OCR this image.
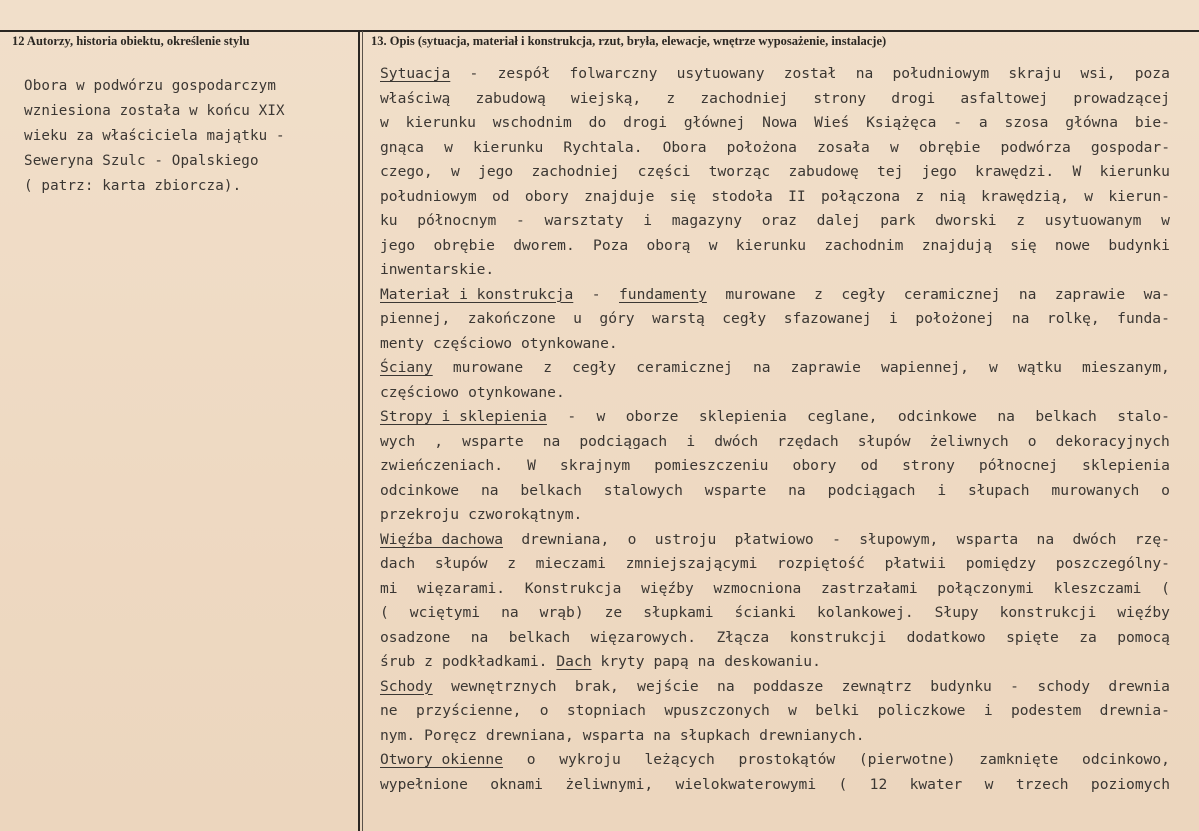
12 Autorzy, historia obiektu, określenie stylu	13. Opis (sytuacja, materiał i konstrukcja, rzut, bryła, elewacje, wnętrze wyposażenie, instalacje)
Obora w podwórzu gospodarczym
wzniesiona została w końcu XIX
wieku za właściciela majątku -
Seweryna Szulc - Opalskiego
( patrz: karta zbiorcza).
Sytuacja - zespół folwarczny usytuowany został na południowym skraju wsi, poza
właściwą zabudową wiejską, z zachodniej strony drogi asfaltowej prowadzącej
w kierunku wschodnim do drogi głównej Nowa Wieś Książęca - a szosa główna bie-
gnąca w kierunku Rychtala. Obora położona zosała w obrębie podwórza gospodar-
czego, w jego zachodniej części tworząc zabudowę tej jego krawędzi. W kierunku
południowym od obory znajduje się stodoła II połączona z nią krawędzią, w kierun-
ku północnym - warsztaty i magazyny oraz dalej park dworski z usytuowanym w
jego obrębie dworem. Poza oborą w kierunku zachodnim znajdują się nowe budynki
inwentarskie.
Materiał i konstrukcja - fundamenty murowane z cegły ceramicznej na zaprawie wa-
piennej, zakończone u góry warstą cegły sfazowanej i położonej na rolkę, funda-
menty częściowo otynkowane.
Ściany murowane z cegły ceramicznej na zaprawie wapiennej, w wątku mieszanym,
częściowo otynkowane.
Stropy i sklepienia - w oborze sklepienia ceglane, odcinkowe na belkach stalo-
wych , wsparte na podciągach i dwóch rzędach słupów żeliwnych o dekoracyjnych
zwieńczeniach. W skrajnym pomieszczeniu obory od strony północnej sklepienia
odcinkowe na belkach stalowych wsparte na podciągach i słupach murowanych o
przekroju czworokątnym.
Więźba dachowa drewniana, o ustroju płatwiowo - słupowym, wsparta na dwóch rzę-
dach słupów z mieczami zmniejszającymi rozpiętość płatwii pomiędzy poszczególny-
mi więzarami. Konstrukcja więźby wzmocniona zastrzałami połączonymi kleszczami (
( wciętymi na wrąb) ze słupkami ścianki kolankowej. Słupy konstrukcji więźby
osadzone na belkach więzarowych. Złącza konstrukcji dodatkowo spięte za pomocą
śrub z podkładkami. Dach kryty papą na deskowaniu.
Schody wewnętrznych brak, wejście na poddasze zewnątrz budynku - schody drewnia
ne przyścienne, o stopniach wpuszczonych w belki policzkowe i podestem drewnia-
nym. Poręcz drewniana, wsparta na słupkach drewnianych.
Otwory okienne o wykroju leżących prostokątów (pierwotne) zamknięte odcinkowo,
wypełnione oknami żeliwnymi, wielokwaterowymi ( 12 kwater w trzech poziomych
